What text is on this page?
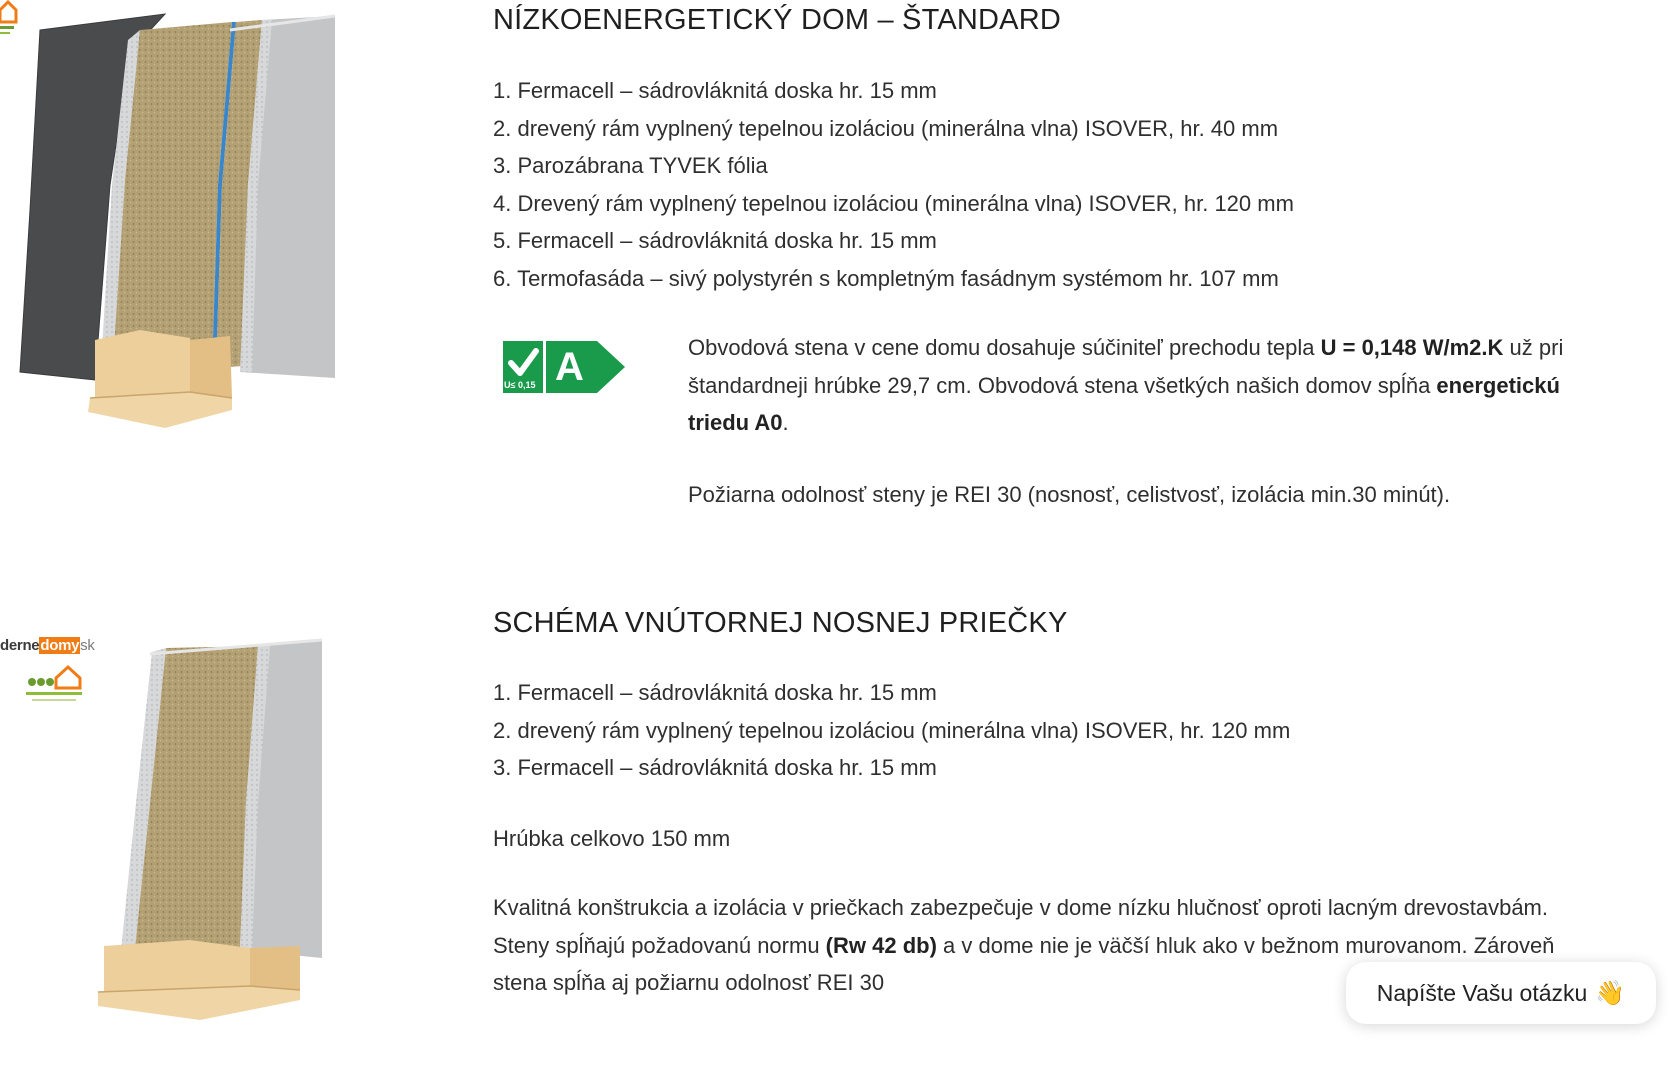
NÍZKOENERGETICKÝ DOM – ŠTANDARD
1. Fermacell – sádrovláknitá doska hr. 15 mm
2. drevený rám vyplnený tepelnou izoláciou (minerálna vlna) ISOVER, hr. 40 mm
3. Parozábrana TYVEK fólia
4. Drevený rám vyplnený tepelnou izoláciou (minerálna vlna) ISOVER, hr. 120 mm
5. Fermacell – sádrovláknitá doska hr. 15 mm
6. Termofasáda – sivý polystyrén s kompletným fasádnym systémom hr. 107 mm
A
U≤ 0,15

Obvodová stena v cene domu dosahuje súčiniteľ prechodu tepla U = 0,148 W/m2.K už pri štandardneji hrúbke 29,7 cm. Obvodová stena všetkých našich domov spĺňa energetickú triedu A0.

Požiarna odolnosť steny je REI 30 (nosnosť, celistvosť, izolácia min.30 minút).

dernedomysk
SCHÉMA VNÚTORNEJ NOSNEJ PRIEČKY
1. Fermacell – sádrovláknitá doska hr. 15 mm
2. drevený rám vyplnený tepelnou izoláciou (minerálna vlna) ISOVER, hr. 120 mm
3. Fermacell – sádrovláknitá doska hr. 15 mm

Hrúbka celkovo 150 mm

Kvalitná konštrukcia a izolácia v priečkach zabezpečuje v dome nízku hlučnosť oproti lacným drevostavbám. Steny spĺňajú požadovanú normu (Rw 42 db) a v dome nie je väčší hluk ako v bežnom murovanom. Zároveň stena spĺňa aj požiarnu odolnosť REI 30	Napíšte Vašu otázku 👋
